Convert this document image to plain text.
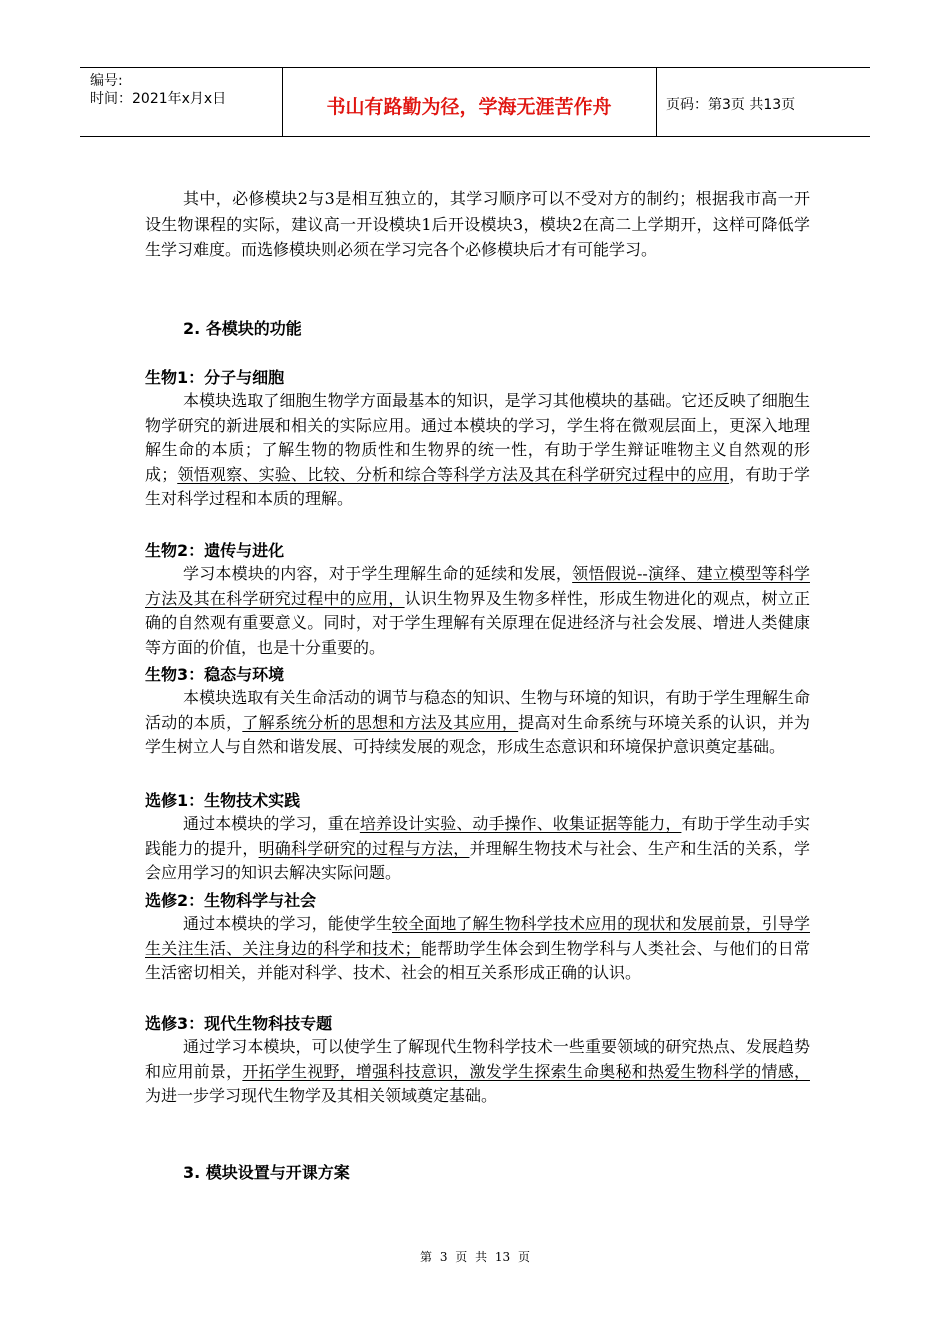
编号:
时间：2021年x月x日	书山有路勤为径，学海无涯苦作舟	页码：第3页 共13页

其中，必修模块2与3是相互独立的，其学习顺序可以不受对方的制约；根据我市高一开设生物课程的实际，建议高一开设模块1后开设模块3，模块2在高二上学期开，这样可降低学生学习难度。而选修模块则必须在学习完各个必修模块后才有可能学习。

2. 各模块的功能
生物1：分子与细胞

本模块选取了细胞生物学方面最基本的知识，是学习其他模块的基础。它还反映了细胞生物学研究的新进展和相关的实际应用。通过本模块的学习，学生将在微观层面上，更深入地理解生命的本质；了解生物的物质性和生物界的统一性，有助于学生辩证唯物主义自然观的形成；领悟观察、实验、比较、分析和综合等科学方法及其在科学研究过程中的应用，有助于学生对科学过程和本质的理解。

生物2：遗传与进化

学习本模块的内容，对于学生理解生命的延续和发展，领悟假说--演绎、建立模型等科学方法及其在科学研究过程中的应用，认识生物界及生物多样性，形成生物进化的观点，树立正确的自然观有重要意义。同时，对于学生理解有关原理在促进经济与社会发展、增进人类健康等方面的价值，也是十分重要的。

生物3：稳态与环境

本模块选取有关生命活动的调节与稳态的知识、生物与环境的知识，有助于学生理解生命活动的本质，了解系统分析的思想和方法及其应用，提高对生命系统与环境关系的认识，并为学生树立人与自然和谐发展、可持续发展的观念，形成生态意识和环境保护意识奠定基础。

选修1：生物技术实践

通过本模块的学习，重在培养设计实验、动手操作、收集证据等能力，有助于学生动手实践能力的提升，明确科学研究的过程与方法，并理解生物技术与社会、生产和生活的关系，学会应用学习的知识去解决实际问题。

选修2：生物科学与社会

通过本模块的学习，能使学生较全面地了解生物科学技术应用的现状和发展前景，引导学生关注生活、关注身边的科学和技术；能帮助学生体会到生物学科与人类社会、与他们的日常生活密切相关，并能对科学、技术、社会的相互关系形成正确的认识。

选修3：现代生物科技专题

通过学习本模块，可以使学生了解现代生物科学技术一些重要领域的研究热点、发展趋势和应用前景，开拓学生视野，增强科技意识，激发学生探索生命奥秘和热爱生物科学的情感，为进一步学习现代生物学及其相关领域奠定基础。

3. 模块设置与开课方案
第 3 页 共 13 页
